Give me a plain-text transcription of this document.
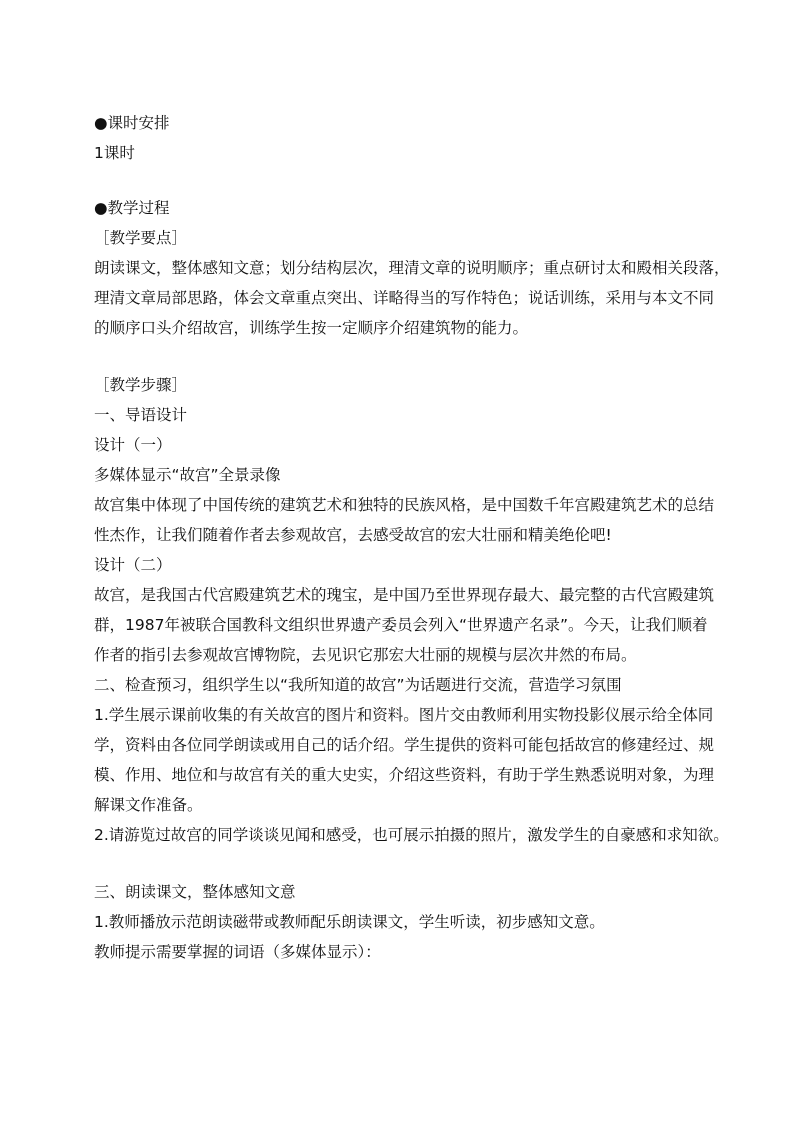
●课时安排
1课时
●教学过程
［教学要点］
朗读课文，整体感知文意；划分结构层次，理清文章的说明顺序；重点研讨太和殿相关段落，
理清文章局部思路，体会文章重点突出、详略得当的写作特色；说话训练，采用与本文不同
的顺序口头介绍故宫，训练学生按一定顺序介绍建筑物的能力。
［教学步骤］
一、导语设计
设计（一）
多媒体显示“故宫”全景录像
故宫集中体现了中国传统的建筑艺术和独特的民族风格，是中国数千年宫殿建筑艺术的总结
性杰作，让我们随着作者去参观故宫，去感受故宫的宏大壮丽和精美绝伦吧!
设计（二）
故宫，是我国古代宫殿建筑艺术的瑰宝，是中国乃至世界现存最大、最完整的古代宫殿建筑
群，1987年被联合国教科文组织世界遗产委员会列入“世界遗产名录”。今天，让我们顺着
作者的指引去参观故宫博物院，去见识它那宏大壮丽的规模与层次井然的布局。
二、检查预习，组织学生以“我所知道的故宫”为话题进行交流，营造学习氛围
1.学生展示课前收集的有关故宫的图片和资料。图片交由教师利用实物投影仪展示给全体同
学，资料由各位同学朗读或用自己的话介绍。学生提供的资料可能包括故宫的修建经过、规
模、作用、地位和与故宫有关的重大史实，介绍这些资料，有助于学生熟悉说明对象，为理
解课文作准备。
2.请游览过故宫的同学谈谈见闻和感受，也可展示拍摄的照片，激发学生的自豪感和求知欲。
三、朗读课文，整体感知文意
1.教师播放示范朗读磁带或教师配乐朗读课文，学生听读，初步感知文意。
教师提示需要掌握的词语（多媒体显示）：
